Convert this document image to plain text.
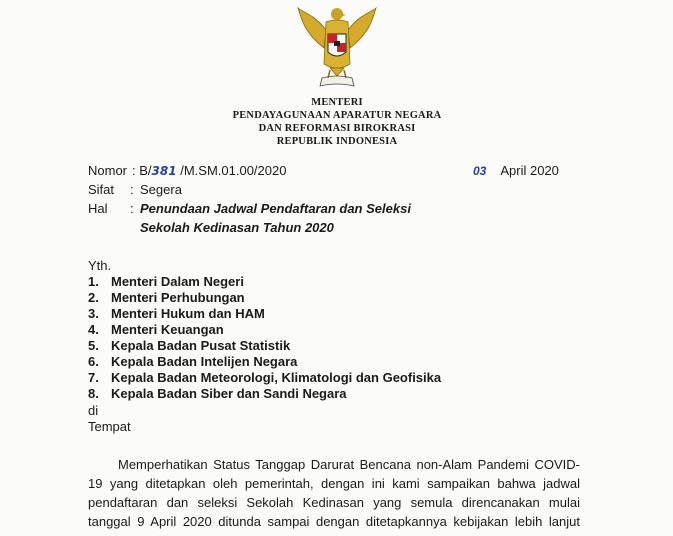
MENTERI
PENDAYAGUNAAN APARATUR NEGARA
DAN REFORMASI BIROKRASI
REPUBLIK INDONESIA
Nomor : B/381 /M.SM.01.00/2020	03 April 2020
Sifat : Segera
Hal : Penundaan Jadwal Pendaftaran dan Seleksi
Sekolah Kedinasan Tahun 2020
Yth.
1. Menteri Dalam Negeri
2. Menteri Perhubungan
3. Menteri Hukum dan HAM
4. Menteri Keuangan
5. Kepala Badan Pusat Statistik
6. Kepala Badan Intelijen Negara
7. Kepala Badan Meteorologi, Klimatologi dan Geofisika
8. Kepala Badan Siber dan Sandi Negara
di
Tempat
Memperhatikan Status Tanggap Darurat Bencana non-Alam Pandemi COVID-
19 yang ditetapkan oleh pemerintah, dengan ini kami sampaikan bahwa jadwal
pendaftaran dan seleksi Sekolah Kedinasan yang semula direncanakan mulai
tanggal 9 April 2020 ditunda sampai dengan ditetapkannya kebijakan lebih lanjut
